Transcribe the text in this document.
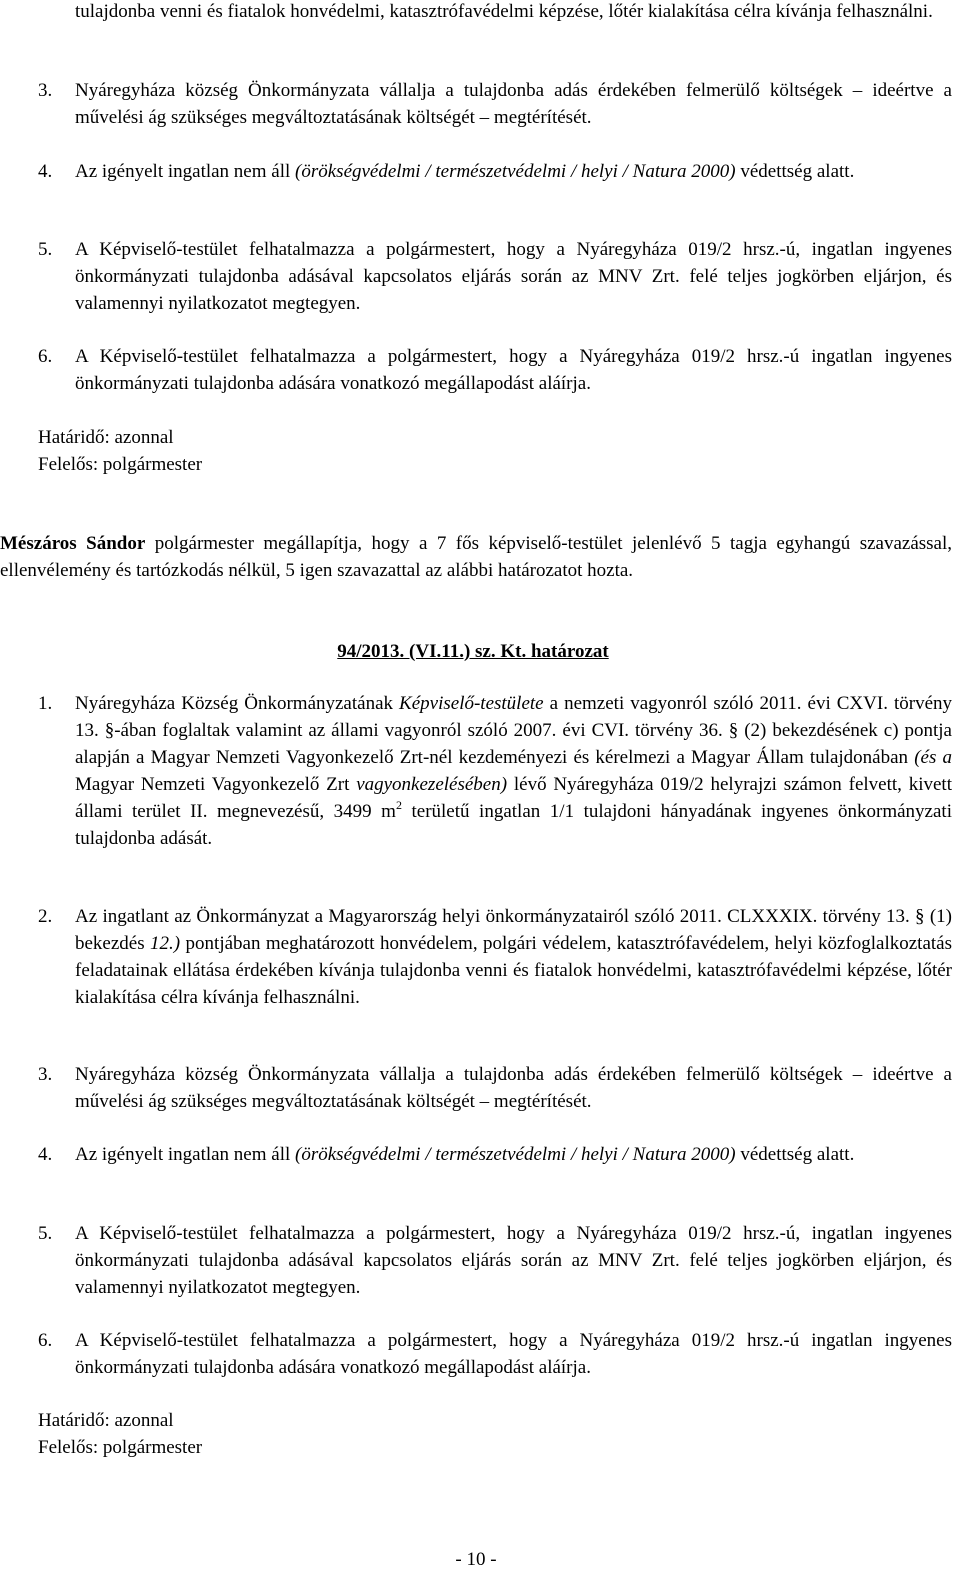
tulajdonba venni és fiatalok honvédelmi, katasztrófavédelmi képzése, lőtér kialakítása célra kívánja felhasználni.
3.	Nyáregyháza község Önkormányzata vállalja a tulajdonba adás érdekében felmerülő költségek – ideértve a művelési ág szükséges megváltoztatásának költségét – megtérítését.
4.	Az igényelt ingatlan nem áll (örökségvédelmi / természetvédelmi / helyi / Natura 2000) védettség alatt.
5.	A Képviselő-testület felhatalmazza a polgármestert, hogy a Nyáregyháza 019/2 hrsz.-ú, ingatlan ingyenes önkormányzati tulajdonba adásával kapcsolatos eljárás során az MNV Zrt. felé teljes jogkörben eljárjon, és valamennyi nyilatkozatot megtegyen.
6.	A Képviselő-testület felhatalmazza a polgármestert, hogy a Nyáregyháza 019/2 hrsz.-ú ingatlan ingyenes önkormányzati tulajdonba adására vonatkozó megállapodást aláírja.
Határidő: azonnal
Felelős: polgármester
Mészáros Sándor polgármester megállapítja, hogy a 7 fős képviselő-testület jelenlévő 5 tagja egyhangú szavazással, ellenvélemény és tartózkodás nélkül, 5 igen szavazattal az alábbi határozatot hozta.
94/2013. (VI.11.) sz. Kt. határozat
1.	Nyáregyháza Község Önkormányzatának Képviselő-testülete a nemzeti vagyonról szóló 2011. évi CXVI. törvény 13. §-ában foglaltak valamint az állami vagyonról szóló 2007. évi CVI. törvény 36. § (2) bekezdésének c) pontja alapján a Magyar Nemzeti Vagyonkezelő Zrt-nél kezdeményezi és kérelmezi a Magyar Állam tulajdonában (és a Magyar Nemzeti Vagyonkezelő Zrt vagyonkezelésében) lévő Nyáregyháza 019/2 helyrajzi számon felvett, kivett állami terület II. megnevezésű, 3499 $m^2$ területű ingatlan 1/1 tulajdoni hányadának ingyenes önkormányzati tulajdonba adását.
2.	Az ingatlant az Önkormányzat a Magyarország helyi önkormányzatairól szóló 2011. CLXXXIX. törvény 13. § (1) bekezdés 12.) pontjában meghatározott honvédelem, polgári védelem, katasztrófavédelem, helyi közfoglalkoztatás feladatainak ellátása érdekében kívánja tulajdonba venni és fiatalok honvédelmi, katasztrófavédelmi képzése, lőtér kialakítása célra kívánja felhasználni.
3.	Nyáregyháza község Önkormányzata vállalja a tulajdonba adás érdekében felmerülő költségek – ideértve a művelési ág szükséges megváltoztatásának költségét – megtérítését.
4.	Az igényelt ingatlan nem áll (örökségvédelmi / természetvédelmi / helyi / Natura 2000) védettség alatt.
5.	A Képviselő-testület felhatalmazza a polgármestert, hogy a Nyáregyháza 019/2 hrsz.-ú, ingatlan ingyenes önkormányzati tulajdonba adásával kapcsolatos eljárás során az MNV Zrt. felé teljes jogkörben eljárjon, és valamennyi nyilatkozatot megtegyen.
6.	A Képviselő-testület felhatalmazza a polgármestert, hogy a Nyáregyháza 019/2 hrsz.-ú ingatlan ingyenes önkormányzati tulajdonba adására vonatkozó megállapodást aláírja.
Határidő: azonnal
Felelős: polgármester
- 10 -
